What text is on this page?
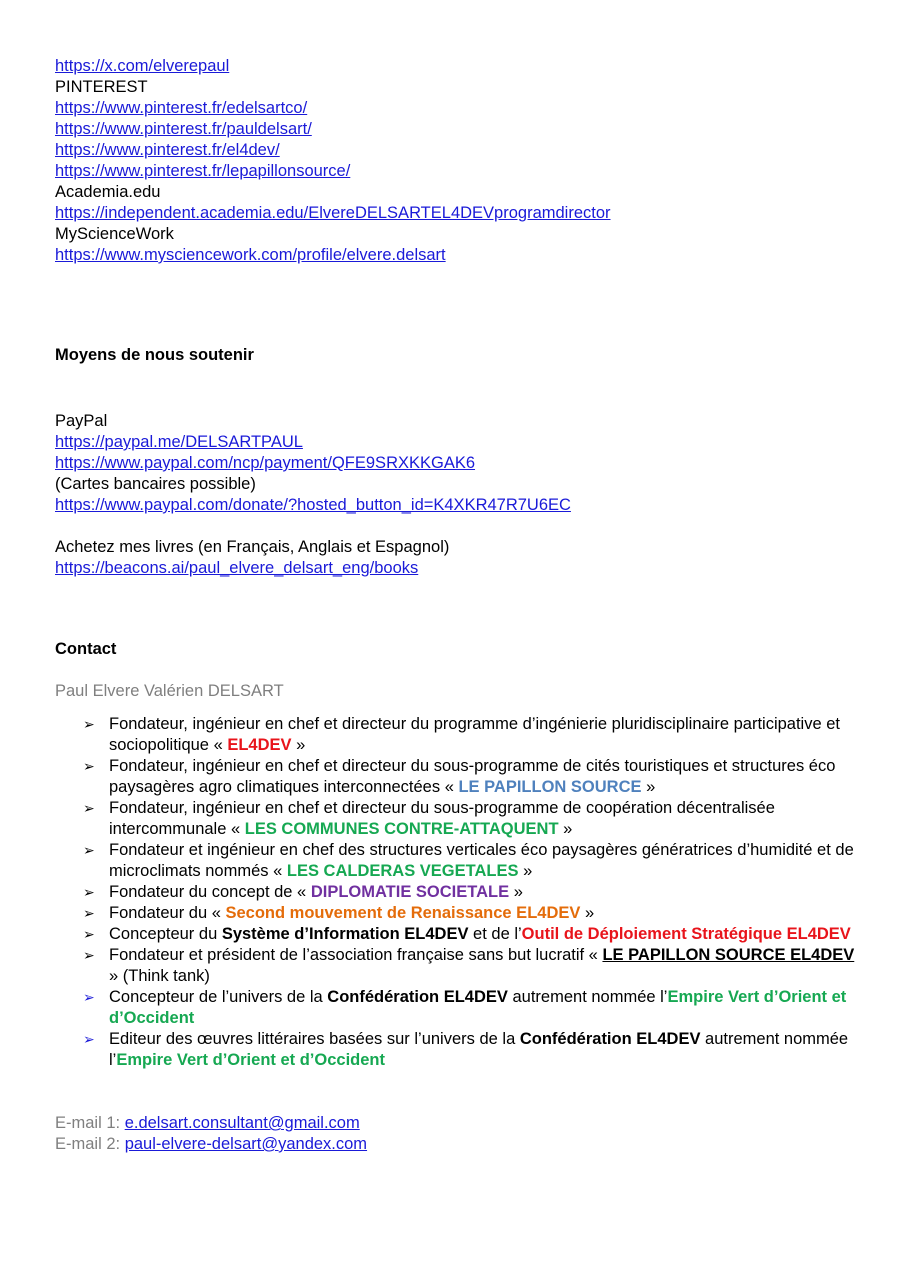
https://x.com/elverepaul
PINTEREST
https://www.pinterest.fr/edelsartco/
https://www.pinterest.fr/pauldelsart/
https://www.pinterest.fr/el4dev/
https://www.pinterest.fr/lepapillonsource/
Academia.edu
https://independent.academia.edu/ElvereDELSARTEL4DEVprogramdirector
MyScienceWork
https://www.mysciencework.com/profile/elvere.delsart
Moyens de nous soutenir
PayPal
https://paypal.me/DELSARTPAUL
https://www.paypal.com/ncp/payment/QFE9SRXKKGAK6
(Cartes bancaires possible)
https://www.paypal.com/donate/?hosted_button_id=K4XKR47R7U6EC
Achetez mes livres (en Français, Anglais et Espagnol)
https://beacons.ai/paul_elvere_delsart_eng/books
Contact
Paul Elvere Valérien DELSART
➢ Fondateur, ingénieur en chef et directeur du programme d’ingénierie pluridisciplinaire participative et sociopolitique « EL4DEV »
➢ Fondateur, ingénieur en chef et directeur du sous-programme de cités touristiques et structures éco paysagères agro climatiques interconnectées « LE PAPILLON SOURCE »
➢ Fondateur, ingénieur en chef et directeur du sous-programme de coopération décentralisée intercommunale « LES COMMUNES CONTRE-ATTAQUENT »
➢ Fondateur et ingénieur en chef des structures verticales éco paysagères génératrices d’humidité et de microclimats nommés « LES CALDERAS VEGETALES »
➢ Fondateur du concept de « DIPLOMATIE SOCIETALE »
➢ Fondateur du « Second mouvement de Renaissance EL4DEV »
➢ Concepteur du Système d’Information EL4DEV et de l’Outil de Déploiement Stratégique EL4DEV
➢ Fondateur et président de l’association française sans but lucratif « LE PAPILLON SOURCE EL4DEV » (Think tank)
➢ Concepteur de l’univers de la Confédération EL4DEV autrement nommée l’Empire Vert d’Orient et d’Occident
➢ Editeur des œuvres littéraires basées sur l’univers de la Confédération EL4DEV autrement nommée l’Empire Vert d’Orient et d’Occident
E-mail 1: e.delsart.consultant@gmail.com
E-mail 2: paul-elvere-delsart@yandex.com
